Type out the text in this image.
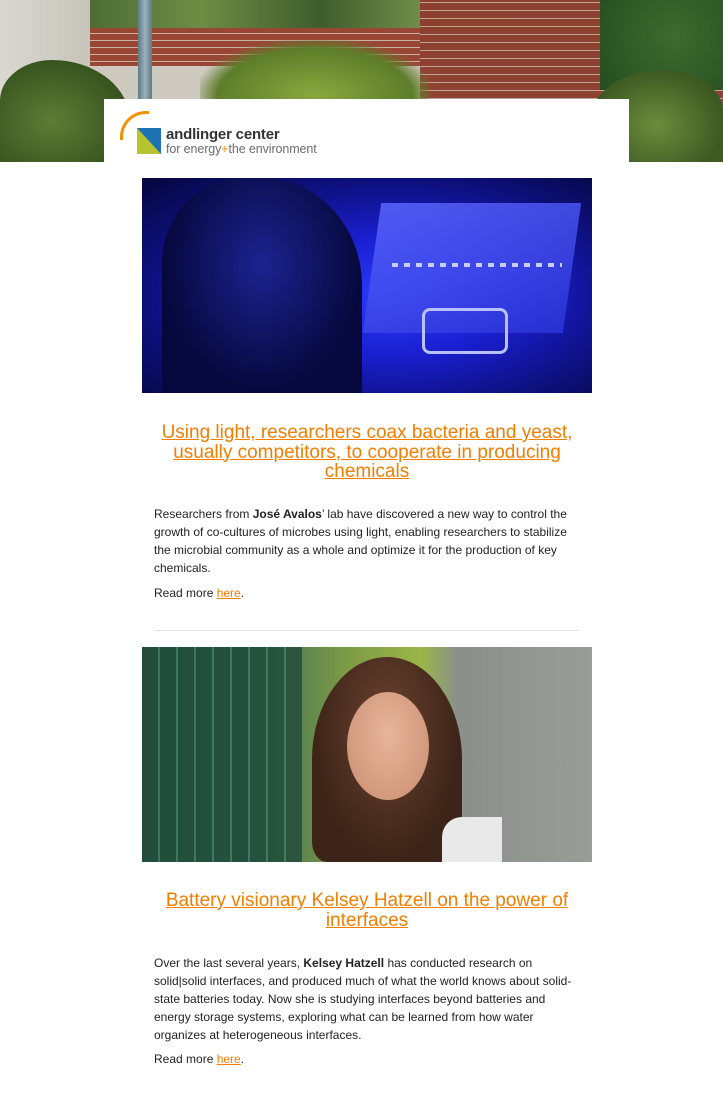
andlinger center
for energy+the environment
Using light, researchers coax bacteria and yeast, usually competitors, to cooperate in producing chemicals
Researchers from José Avalos’ lab have discovered a new way to control the growth of co-cultures of microbes using light, enabling researchers to stabilize the microbial community as a whole and optimize it for the production of key chemicals.
Read more here.
Battery visionary Kelsey Hatzell on the power of interfaces
Over the last several years, Kelsey Hatzell has conducted research on solid|solid interfaces, and produced much of what the world knows about solid-state batteries today. Now she is studying interfaces beyond batteries and energy storage systems, exploring what can be learned from how water organizes at heterogeneous interfaces.
Read more here.
